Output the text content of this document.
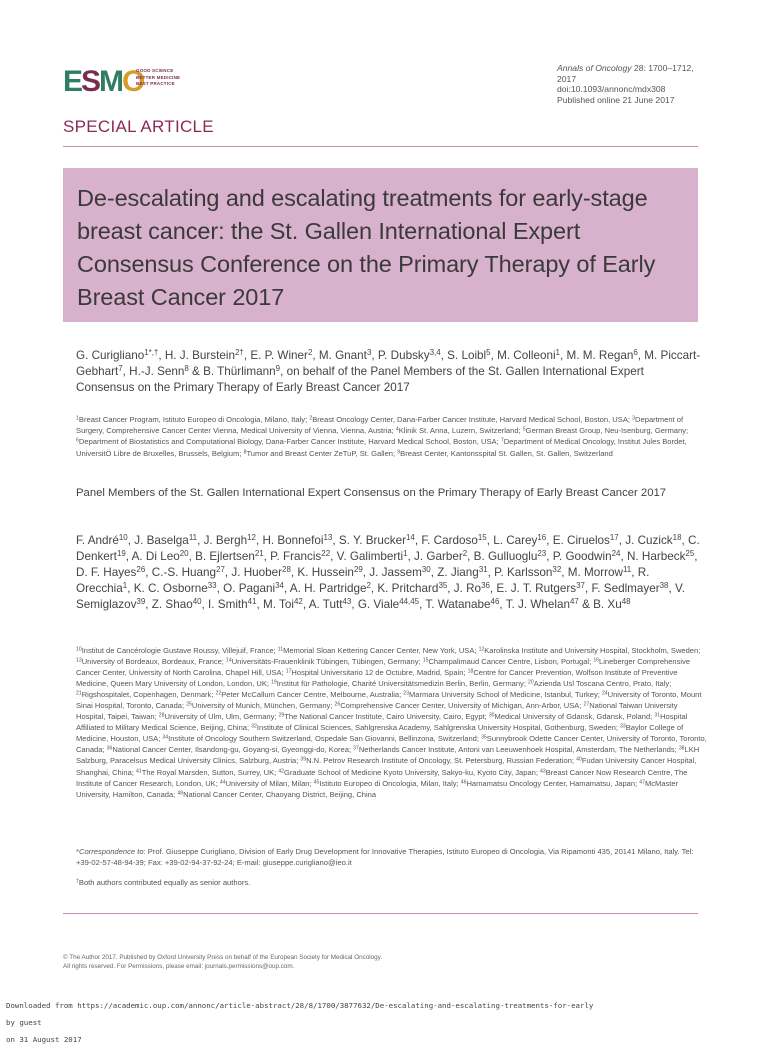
ESMO
GOOD SCIENCE
BETTER MEDICINE
BEST PRACTICE
Annals of Oncology 28: 1700–1712, 2017
doi:10.1093/annonc/mdx308
Published online 21 June 2017
SPECIAL ARTICLE
De-escalating and escalating treatments for early-stage breast cancer: the St. Gallen International Expert Consensus Conference on the Primary Therapy of Early Breast Cancer 2017
G. Curigliano$^{1*,\dagger}$, H. J. Burstein$^{2\dagger}$, E. P. Winer$^2$, M. Gnant$^3$, P. Dubsky$^{3,4}$, S. Loibl$^5$, M. Colleoni$^1$, M. M. Regan$^6$, M. Piccart-Gebhart$^7$, H.-J. Senn$^8$ & B. Thürlimann$^9$, on behalf of the Panel Members of the St. Gallen International Expert Consensus on the Primary Therapy of Early Breast Cancer 2017
$^1$Breast Cancer Program, Istituto Europeo di Oncologia, Milano, Italy; $^2$Breast Oncology Center, Dana-Farber Cancer Institute, Harvard Medical School, Boston, USA; $^3$Department of Surgery, Comprehensive Cancer Center Vienna, Medical University of Vienna, Vienna, Austria; $^4$Klinik St. Anna, Luzern, Switzerland; $^5$German Breast Group, Neu-Isenburg, Germany; $^6$Department of Biostatistics and Computational Biology, Dana-Farber Cancer Institute, Harvard Medical School, Boston, USA; $^7$Department of Medical Oncology, Institut Jules Bordet, UniversitÖ Libre de Bruxelles, Brussels, Belgium; $^8$Tumor and Breast Center ZeTuP, St. Gallen; $^9$Breast Center, Kantonsspital St. Gallen, St. Gallen, Switzerland
Panel Members of the St. Gallen International Expert Consensus on the Primary Therapy of Early Breast Cancer 2017
F. André$^{10}$, J. Baselga$^{11}$, J. Bergh$^{12}$, H. Bonnefoi$^{13}$, S. Y. Brucker$^{14}$, F. Cardoso$^{15}$, L. Carey$^{16}$, E. Ciruelos$^{17}$, J. Cuzick$^{18}$, C. Denkert$^{19}$, A. Di Leo$^{20}$, B. Ejlertsen$^{21}$, P. Francis$^{22}$, V. Galimberti$^1$, J. Garber$^2$, B. Gulluoglu$^{23}$, P. Goodwin$^{24}$, N. Harbeck$^{25}$, D. F. Hayes$^{26}$, C.-S. Huang$^{27}$, J. Huober$^{28}$, K. Hussein$^{29}$, J. Jassem$^{30}$, Z. Jiang$^{31}$, P. Karlsson$^{32}$, M. Morrow$^{11}$, R. Orecchia$^1$, K. C. Osborne$^{33}$, O. Pagani$^{34}$, A. H. Partridge$^2$, K. Pritchard$^{35}$, J. Ro$^{36}$, E. J. T. Rutgers$^{37}$, F. Sedlmayer$^{38}$, V. Semiglazov$^{39}$, Z. Shao$^{40}$, I. Smith$^{41}$, M. Toi$^{42}$, A. Tutt$^{43}$, G. Viale$^{44,45}$, T. Watanabe$^{46}$, T. J. Whelan$^{47}$ & B. Xu$^{48}$
$^{10}$Institut de Cancérologie Gustave Roussy, Villejuif, France; $^{11}$Memorial Sloan Kettering Cancer Center, New York, USA; $^{12}$Karolinska Institute and University Hospital, Stockholm, Sweden; $^{13}$University of Bordeaux, Bordeaux, France; $^{14}$Universitäts-Frauenklinik Tübingen, Tübingen, Germany; $^{15}$Champalimaud Cancer Centre, Lisbon, Portugal; $^{16}$Lineberger Comprehensive Cancer Center, University of North Carolina, Chapel Hill, USA; $^{17}$Hospital Universitario 12 de Octubre, Madrid, Spain; $^{18}$Centre for Cancer Prevention, Wolfson Institute of Preventive Medicine, Queen Mary University of London, London, UK; $^{19}$Institut für Pathologie, Charité Universitätsmedizin Berlin, Berlin, Germany; $^{20}$Azienda Usl Toscana Centro, Prato, Italy; $^{21}$Rigshospitalet, Copenhagen, Denmark; $^{22}$Peter McCallum Cancer Centre, Melbourne, Australia; $^{23}$Marmara University School of Medicine, Istanbul, Turkey; $^{24}$University of Toronto, Mount Sinai Hospital, Toronto, Canada; $^{25}$University of Munich, München, Germany; $^{26}$Comprehensive Cancer Center, University of Michigan, Ann-Arbor, USA; $^{27}$National Taiwan University Hospital, Taipei, Taiwan; $^{28}$University of Ulm, Ulm, Germany; $^{29}$The National Cancer Institute, Cairo University, Cairo, Egypt; $^{30}$Medical University of Gdansk, Gdansk, Poland; $^{31}$Hospital Affiliated to Military Medical Science, Beijing, China; $^{32}$Institute of Clinical Sciences, Sahlgrenska Academy, Sahlgrenska University Hospital, Gothenburg, Sweden; $^{33}$Baylor College of Medicine, Houston, USA; $^{34}$Institute of Oncology Southern Switzerland, Ospedale San Giovanni, Bellinzona, Switzerland; $^{35}$Sunnybrook Odette Cancer Center, University of Toronto, Toronto, Canada; $^{36}$National Cancer Center, Ilsandong-gu, Goyang-si, Gyeonggi-do, Korea; $^{37}$Netherlands Cancer Institute, Antoni van Leeuwenhoek Hospital, Amsterdam, The Netherlands; $^{38}$LKH Salzburg, Paracelsus Medical University Clinics, Salzburg, Austria; $^{39}$N.N. Petrov Research Institute of Oncology, St. Petersburg, Russian Federation; $^{40}$Fudan University Cancer Hospital, Shanghai, China; $^{41}$The Royal Marsden, Sutton, Surrey, UK; $^{42}$Graduate School of Medicine Kyoto University, Sakyo-ku, Kyoto City, Japan; $^{43}$Breast Cancer Now Research Centre, The Institute of Cancer Research, London, UK; $^{44}$University of Milan, Milan; $^{45}$Istituto Europeo di Oncologia, Milan, Italy; $^{46}$Hamamatsu Oncology Center, Hamamatsu, Japan; $^{47}$McMaster University, Hamilton, Canada; $^{48}$National Cancer Center, Chaoyang District, Beijing, China
*Correspondence to: Prof. Giuseppe Curigliano, Division of Early Drug Development for Innovative Therapies, Istituto Europeo di Oncologia, Via Ripamonti 435, 20141 Milano, Italy. Tel: +39-02-57-48-94-39; Fax: +39-02-94-37-92-24; E-mail: giuseppe.curigliano@ieo.it
†Both authors contributed equally as senior authors.
© The Author 2017. Published by Oxford University Press on behalf of the European Society for Medical Oncology.
All rights reserved. For Permissions, please email: journals.permissions@oup.com.

Downloaded from https://academic.oup.com/annonc/article-abstract/28/8/1700/3877632/De-escalating-and-escalating-treatments-for-early

by guest

on 31 August 2017
